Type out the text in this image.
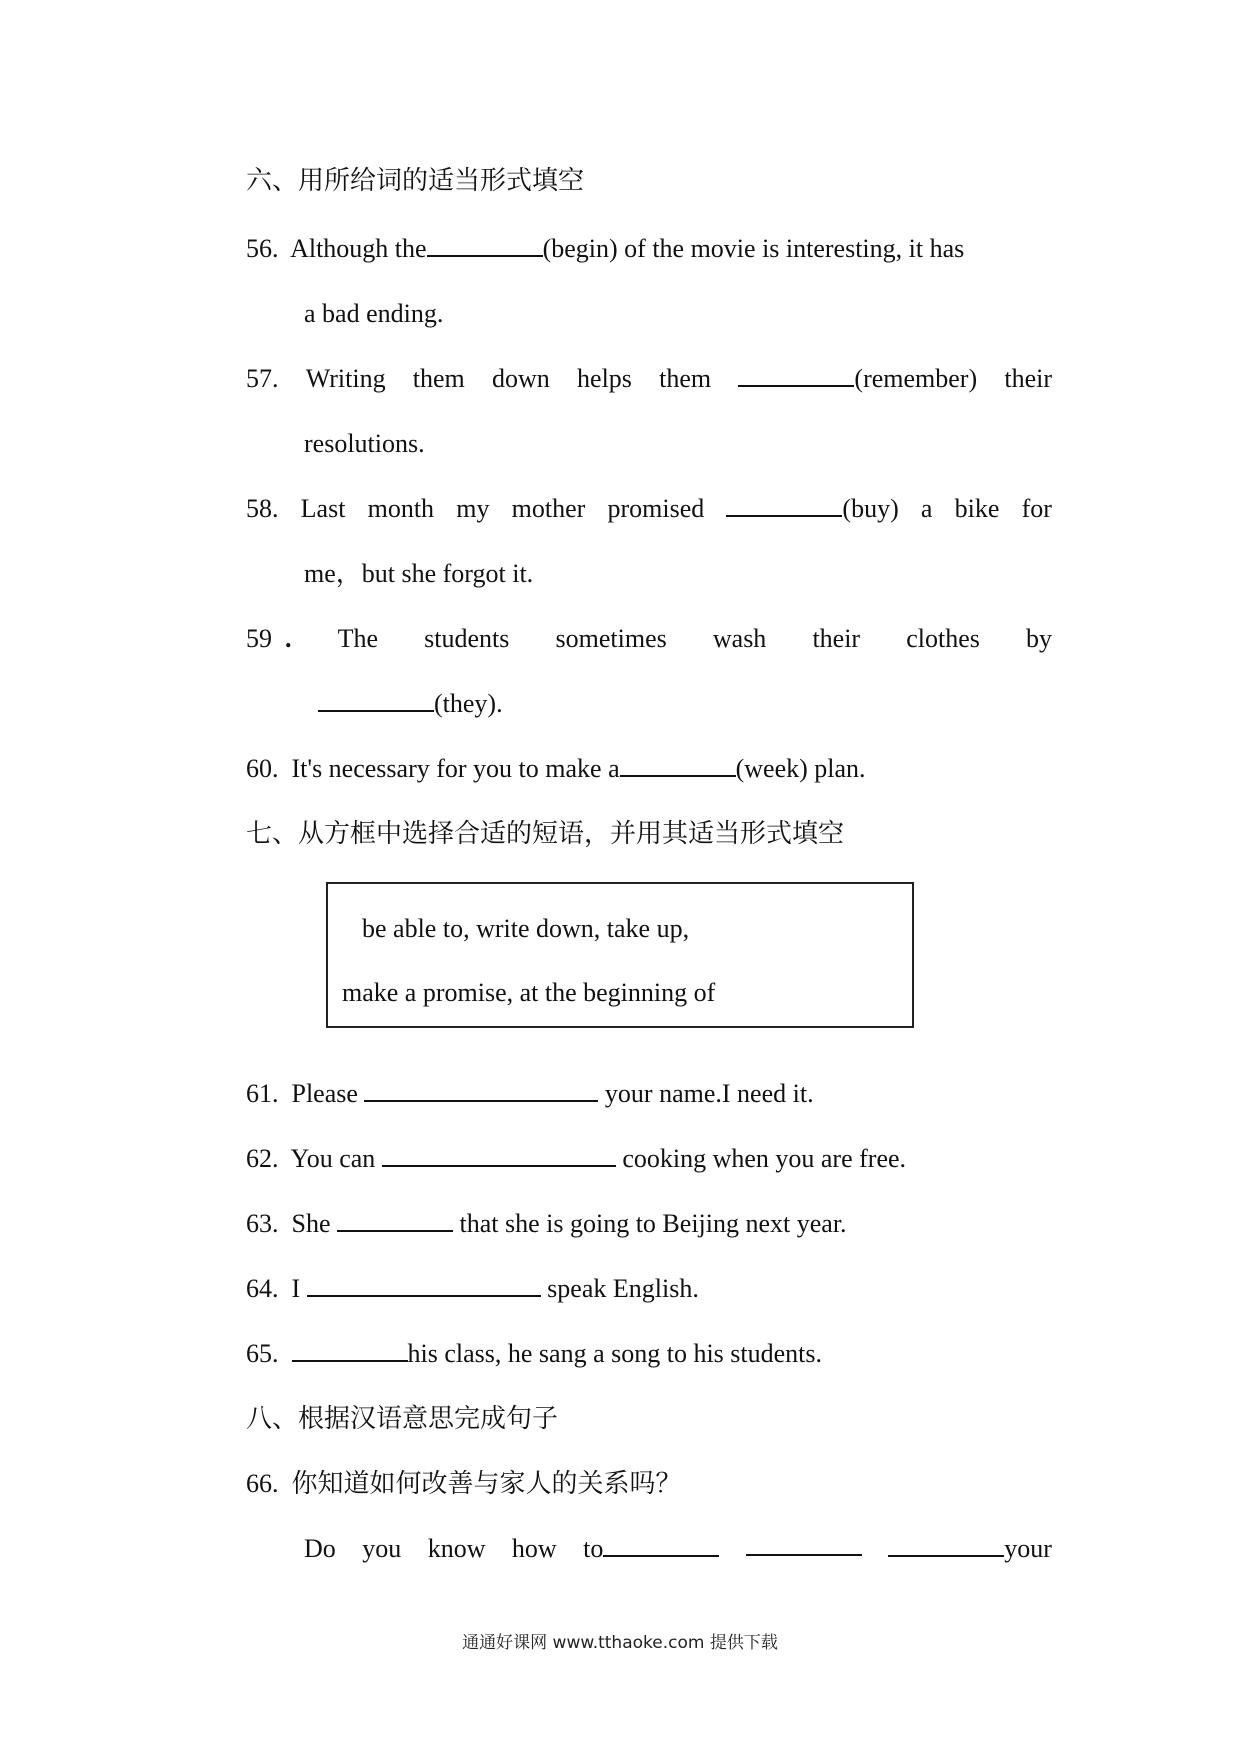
六、用所给词的适当形式填空
56. Although the	(begin) of the movie is interesting, it has
a bad ending.
57. Writing them down helps them	(remember) their
resolutions.
58. Last month my mother promised	(buy) a bike for
me，but she forgot it.
59 . The students sometimes wash their clothes by
(they).
60. It's necessary for you to make a	(week) plan.
七、从方框中选择合适的短语，并用其适当形式填空
be able to, write down, take up,
make a promise, at the beginning of
61. Please	your name.I need it.
62. You can	cooking when you are free.
63. She	that she is going to Beijing next year.
64. I	speak English.
65.	his class, he sang a song to his students.
八、根据汉语意思完成句子
66. 你知道如何改善与家人的关系吗？
Do you know how to	your
通通好课网 www.tthaoke.com 提供下载
